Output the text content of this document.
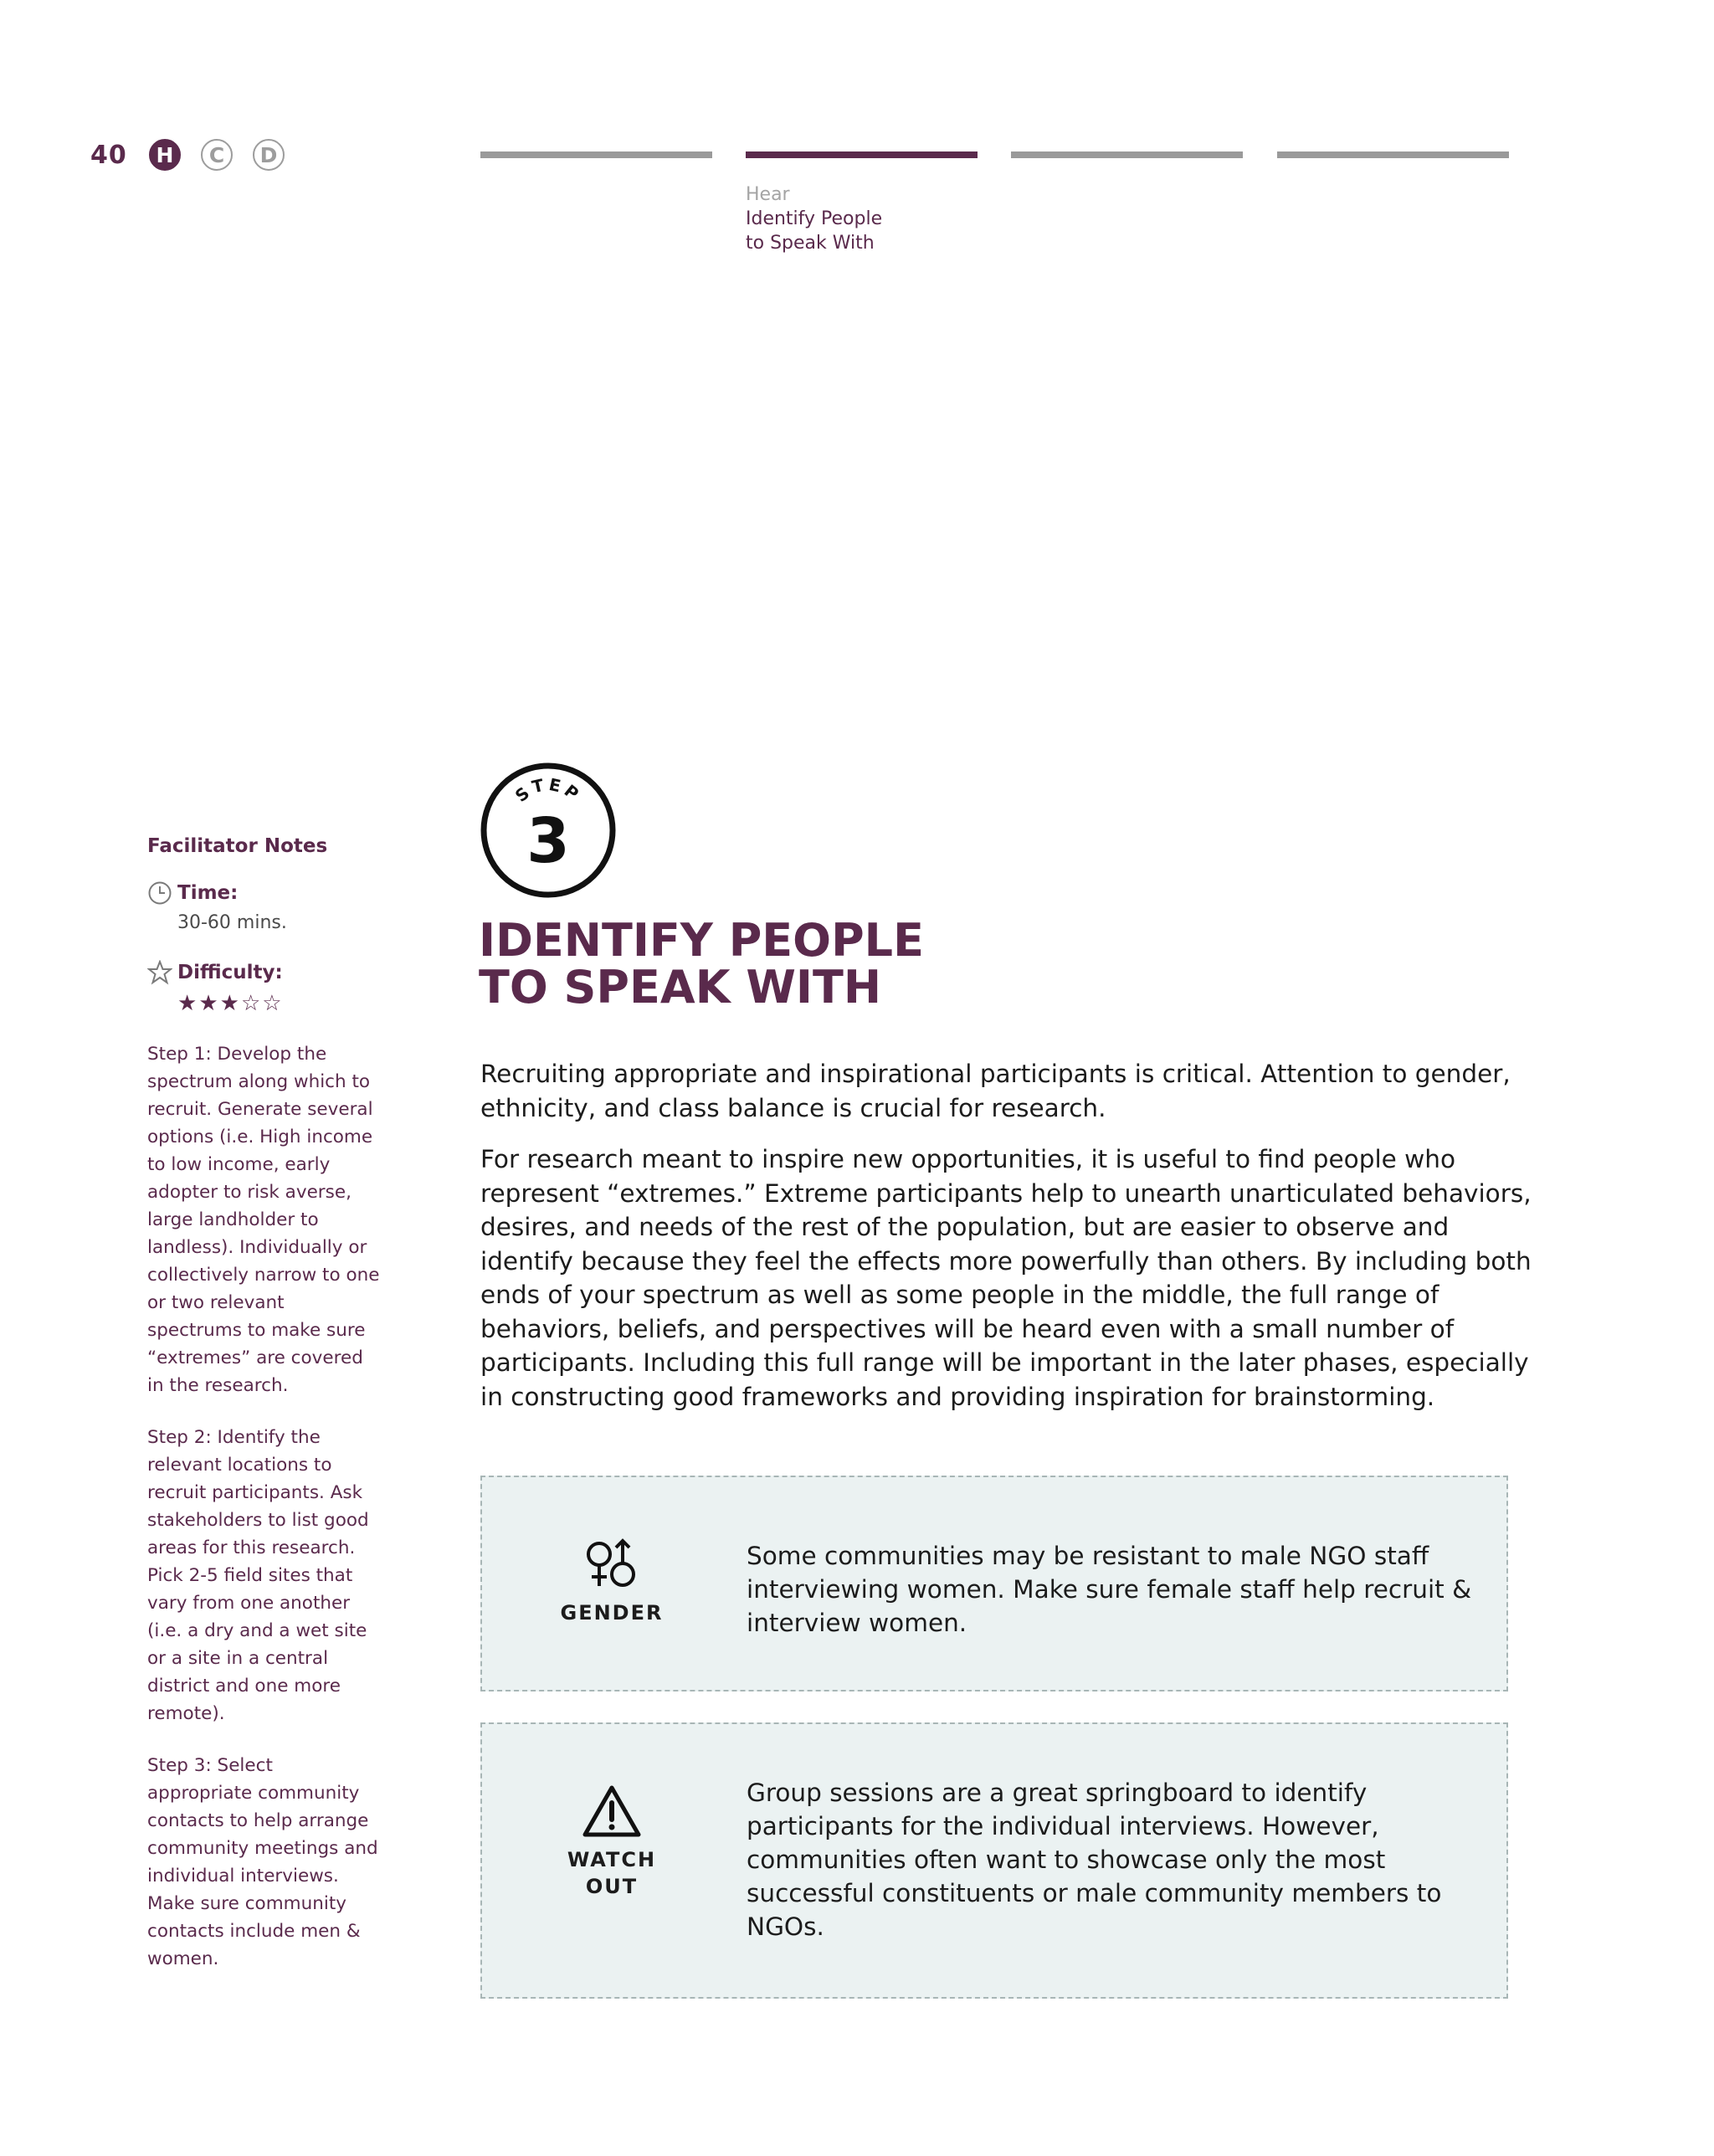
40	H	C	D
Hear
Identify People
to Speak With
Facilitator Notes
Time:
30-60 mins.
Difficulty:
★★★☆☆

Step 1: Develop the spectrum along which to recruit. Generate several options (i.e. High income to low income, early adopter to risk averse, large landholder to landless). Individually or collectively narrow to one or two relevant spectrums to make sure “extremes” are covered in the research.

Step 2: Identify the relevant locations to recruit participants. Ask stakeholders to list good areas for this research. Pick 2-5 field sites that vary from one another (i.e. a dry and a wet site or a site in a central district and one more remote).

Step 3: Select appropriate community contacts to help arrange community meetings and individual interviews. Make sure community contacts include men & women.

STEP
3
IDENTIFY PEOPLE
TO SPEAK WITH

Recruiting appropriate and inspirational participants is critical. Attention to gender, ethnicity, and class balance is crucial for research.

For research meant to inspire new opportunities, it is useful to find people who represent “extremes.” Extreme participants help to unearth unarticulated behaviors, desires, and needs of the rest of the population, but are easier to observe and identify because they feel the effects more powerfully than others. By including both ends of your spectrum as well as some people in the middle, the full range of behaviors, beliefs, and perspectives will be heard even with a small number of participants. Including this full range will be important in the later phases, especially in constructing good frameworks and providing inspiration for brainstorming.

GENDER
Some communities may be resistant to male NGO staff interviewing women. Make sure female staff help recruit & interview women.
WATCH
OUT
Group sessions are a great springboard to identify participants for the individual interviews. However, communities often want to showcase only the most successful constituents or male community members to NGOs.
